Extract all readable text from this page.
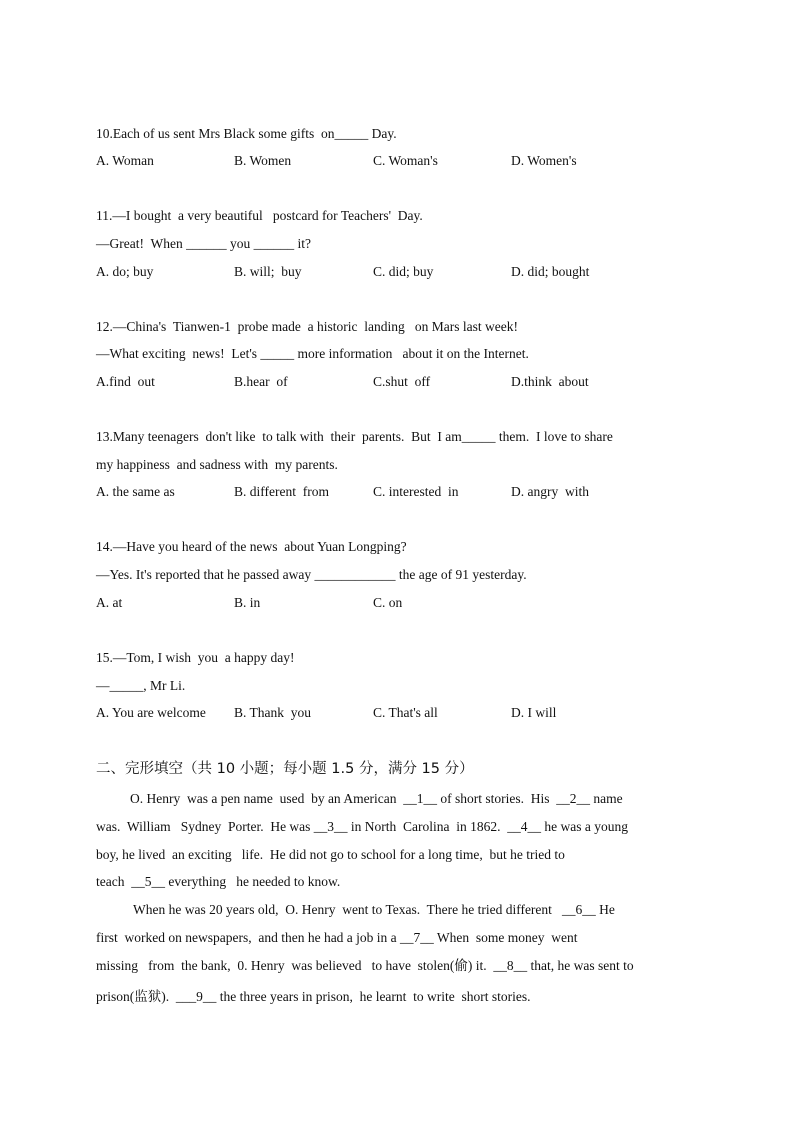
10.Each of us sent Mrs Black some gifts  on_____ Day.
A. Woman	B. Women	C. Woman's	D. Women's
11.—I bought  a very beautiful   postcard for Teachers'  Day.
—Great!  When ______ you ______ it?
A. do; buy	B. will;  buy	C. did; buy	D. did; bought
12.—China's  Tianwen-1  probe made  a historic  landing   on Mars last week!
—What exciting  news!  Let's _____ more information   about it on the Internet.
A.find  out	B.hear  of	C.shut  off	D.think  about
13.Many teenagers  don't like  to talk with  their  parents.  But  I am_____ them.  I love to share
my happiness  and sadness with  my parents.
A. the same as	B. different  from	C. interested  in	D. angry  with
14.—Have you heard of the news  about Yuan Longping?
—Yes. It's reported that he passed away ____________ the age of 91 yesterday.
A. at	B. in	C. on
15.—Tom, I wish  you  a happy day!
—_____, Mr Li.
A. You are welcome B. Thank  you	C. That's all	D. I will
二、完形填空（共 10 小题；每小题 1.5 分，满分 15 分）
O. Henry  was a pen name  used  by an American  __1__ of short stories.  His  __2__ name
was.  William   Sydney  Porter.  He was __3__ in North  Carolina  in 1862.  __4__ he was a young
boy, he lived  an exciting   life.  He did not go to school for a long time,  but he tried to
teach  __5__ everything   he needed to know.
When he was 20 years old,  O. Henry  went to Texas.  There he tried different   __6__ He
first  worked on newspapers,  and then he had a job in a __7__ When  some money  went
missing   from  the bank,  0. Henry  was believed   to have  stolen(偷) it.  __8__ that, he was sent to
prison(监狱).  ___9__ the three years in prison,  he learnt  to write  short stories.
